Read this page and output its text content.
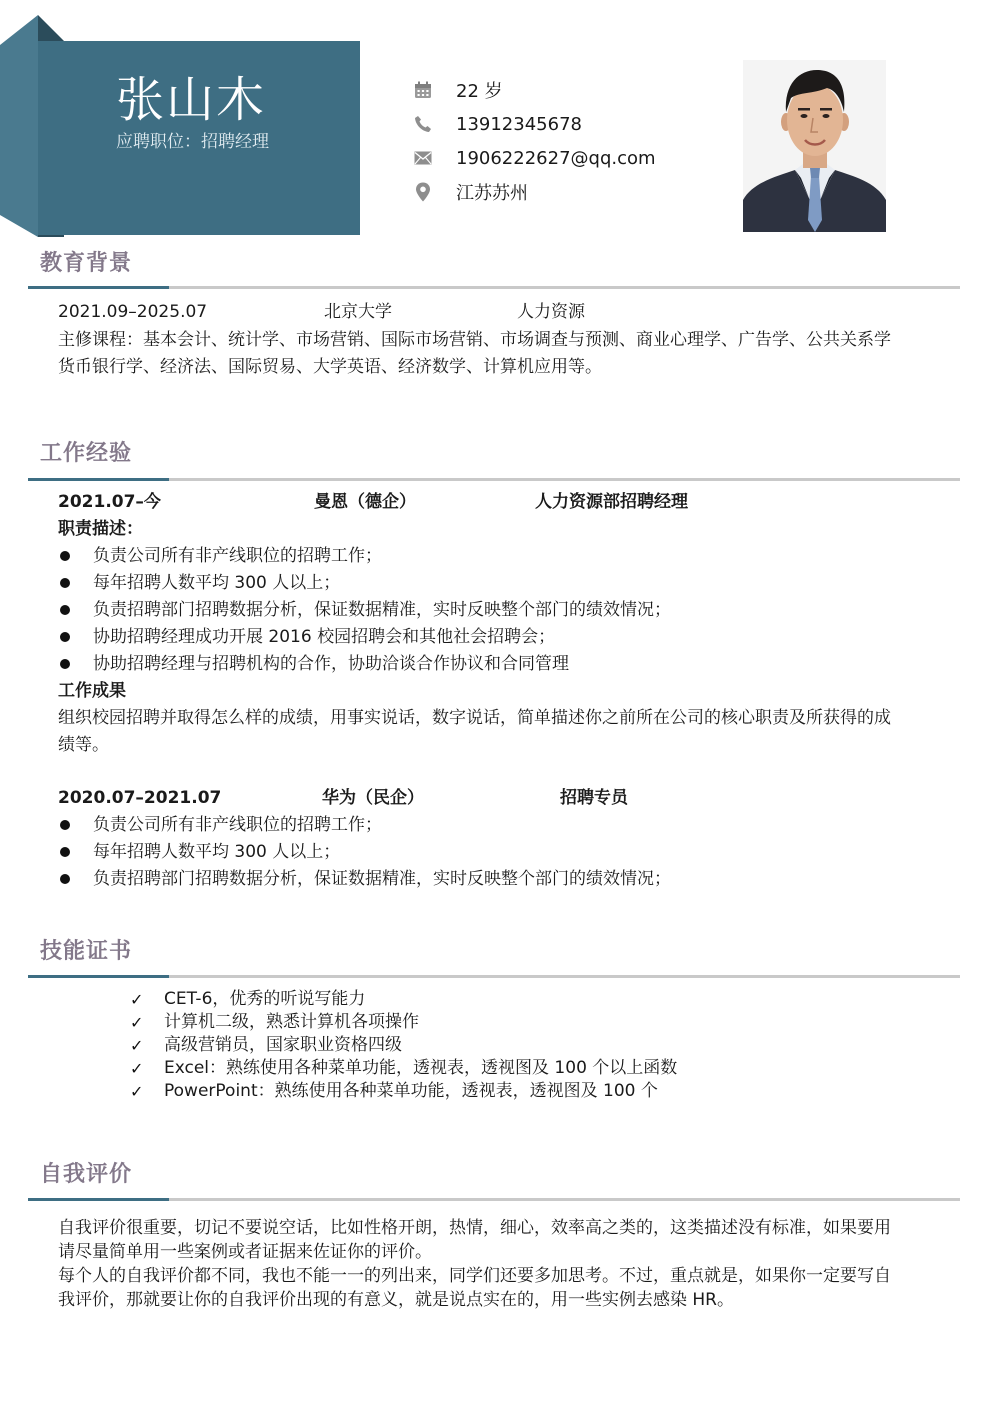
张山木
应聘职位：招聘经理
22 岁
13912345678
1906222627@qq.com
江苏苏州
教育背景
2021.09–2025.07	北京大学	人力资源
主修课程：基本会计、统计学、市场营销、国际市场营销、市场调查与预测、商业心理学、广告学、公共关系学
货币银行学、经济法、国际贸易、大学英语、经济数学、计算机应用等。
工作经验
2021.07–今	曼恩（德企）	人力资源部招聘经理
职责描述：
负责公司所有非产线职位的招聘工作；
每年招聘人数平均 300 人以上；
负责招聘部门招聘数据分析，保证数据精准，实时反映整个部门的绩效情况；
协助招聘经理成功开展 2016 校园招聘会和其他社会招聘会；
协助招聘经理与招聘机构的合作，协助洽谈合作协议和合同管理
工作成果
组织校园招聘并取得怎么样的成绩，用事实说话，数字说话，简单描述你之前所在公司的核心职责及所获得的成
绩等。
2020.07–2021.07	华为（民企）	招聘专员
负责公司所有非产线职位的招聘工作；
每年招聘人数平均 300 人以上；
负责招聘部门招聘数据分析，保证数据精准，实时反映整个部门的绩效情况；
技能证书
✓	CET-6，优秀的听说写能力
✓	计算机二级，熟悉计算机各项操作
✓	高级营销员，国家职业资格四级
✓	Excel：熟练使用各种菜单功能，透视表，透视图及 100 个以上函数
✓	PowerPoint：熟练使用各种菜单功能，透视表，透视图及 100 个
自我评价
自我评价很重要，切记不要说空话，比如性格开朗，热情，细心，效率高之类的，这类描述没有标准，如果要用
请尽量简单用一些案例或者证据来佐证你的评价。
每个人的自我评价都不同，我也不能一一的列出来，同学们还要多加思考。不过，重点就是，如果你一定要写自
我评价，那就要让你的自我评价出现的有意义，就是说点实在的，用一些实例去感染 HR。
